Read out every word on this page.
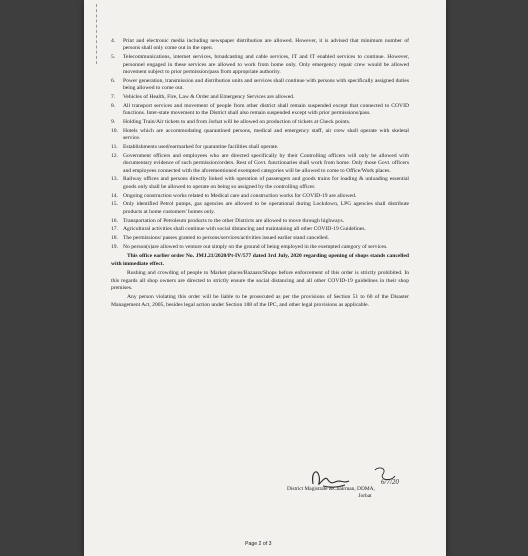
4.	Print and electronic media including newspaper distribution are allowed. However, it is advised that minimum number of persons shall only come out in the open.
5.	Telecommunications, internet services, broadcasting and cable services, IT and IT enabled services to continue. However, personnel engaged in these services are allowed to work from home only. Only emergency repair crew would be allowed movement subject to prior permission/pass from appropriate authority.
6.	Power generation, transmission and distribution units and services shall continue with persons with specifically assigned duties being allowed to come out.
7.	Vehicles of Health, Fire, Law & Order and Emergency Services are allowed.
8.	All transport services and movement of people from other district shall remain suspended except that connected to COVID functions. Inter-state movement to the District shall also remain suspended except with prior permissions/pass.
9.	Holding Train/Air tickets to and from Jorhat will be allowed on production of tickets at Check points.
10. Hotels which are accommodating quarantined persons, medical and emergency staff, air crew shall operate with skeletal service.
11. Establishments used/earmarked for quarantine facilities shall operate.
12. Government officers and employees who are directed specifically by their Controlling officers will only be allowed with documentary evidence of such permission/orders. Rest of Govt. functionaries shall work from home. Only those Govt. officers and employees connected with the aforementioned exempted categories will be allowed to come to Office/Work places.
13. Railway offices and persons directly linked with operation of passengers and goods trains for loading & unloading essential goods only shall be allowed to operate on being so assigned by the controlling officer.
14. Ongoing construction works related to Medical care and construction works for COVID-19 are allowed.
15. Only identified Petrol pumps, gas agencies are allowed to be operational during Lockdown, LPG agencies shall distribute products at home customers' homes only.
16. Transportation of Petroleum products to the other Districts are allowed to move through highways.
17. Agricultural activities shall continue with social distancing and maintaining all other COVID-19 Guidelines.
18. The permissions/ passes granted to persons/services/activities issued earlier stand cancelled.
19. No person(s)are allowed to venture out simply on the ground of being employed in the exempted category of services.
This office earlier order No. JMJ.21/2020/Pt-IV/577 dated 3rd July, 2020 regarding opening of shops stands cancelled with immediate effect.
Rushing and crowding of people to Market places/Bazaars/Shops before enforcement of this order is strictly prohibited. In this regards all shop owners are directed to strictly ensure the social distancing and all other COVID-19 guidelines in their shop premises.
Any person violating this order will be liable to be prosecuted as per the provisions of Section 51 to 60 of the Disaster Management Act, 2005, besides legal action under Section 188 of the IPC, and other legal provisions as applicable.
6/7/20
District Magistrate &Chairman, DDMA,
Jorhat
Page 2 of 3
